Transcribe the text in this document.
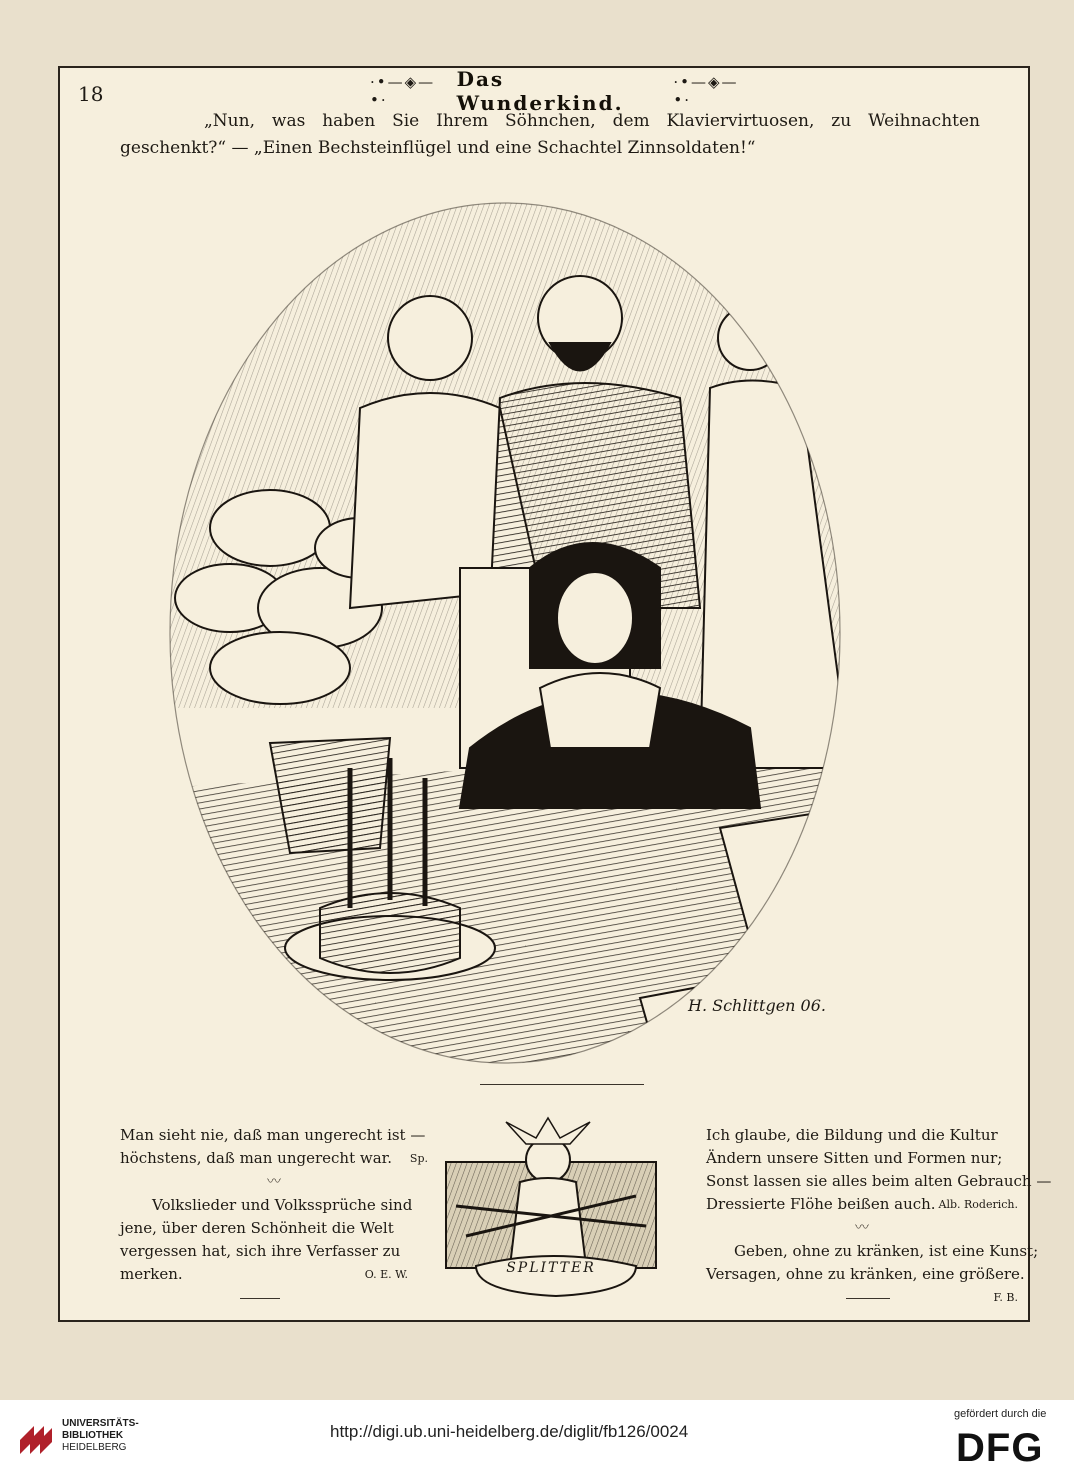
18	·•—◈—•·
Das Wunderkind.
·•—◈—•·

„Nun, was haben Sie Ihrem Söhnchen, dem Klaviervirtuosen, zu Weihnachten geschenkt?“ — „Einen Bechsteinflügel und eine Schachtel Zinnsoldaten!“

H. Schlittgen 06.
Man sieht nie, daß man ungerecht ist —
höchstens, daß man ungerecht war. Sp.
〰
Volkslieder und Volkssprüche sind
jene, über deren Schönheit die Welt
vergessen hat, sich ihre Verfasser zu
merken.	O. E. W.	SPLITTER
Ich glaube, die Bildung und die Kultur
Ändern unsere Sitten und Formen nur;
Sonst lassen sie alles beim alten Gebrauch —
Dressierte Flöhe beißen auch. Alb. Roderich.
〰
Geben, ohne zu kränken, ist eine Kunst;
Versagen, ohne zu kränken, eine größere.
F. B.
UNIVERSITÄTS-
BIBLIOTHEK
HEIDELBERG
http://digi.ub.uni-heidelberg.de/diglit/fb126/0024
gefördert durch die
DFG
